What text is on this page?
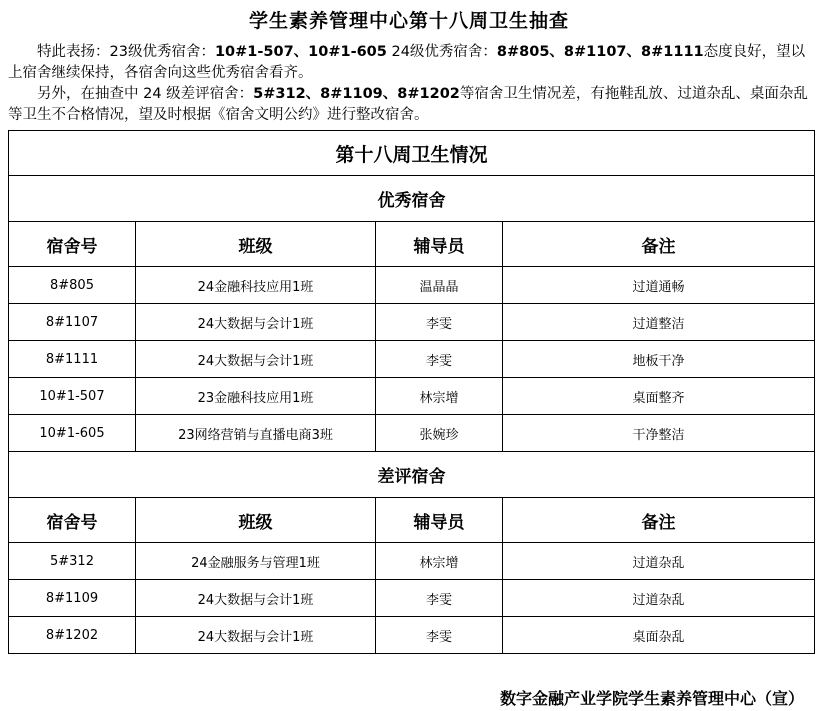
学生素养管理中心第十八周卫生抽查
特此表扬：23级优秀宿舍：10#1-507、10#1-605 24级优秀宿舍：8#805、8#1107、8#1111态度良好，望以上宿舍继续保持，各宿舍向这些优秀宿舍看齐。
另外，在抽查中 24 级差评宿舍：5#312、8#1109、8#1202等宿舍卫生情况差，有拖鞋乱放、过道杂乱、桌面杂乱等卫生不合格情况，望及时根据《宿舍文明公约》进行整改宿舍。
第十八周卫生情况			
优秀宿舍			
宿舍号	班级	辅导员	备注
8#805	24金融科技应用1班	温晶晶	过道通畅
8#1107	24大数据与会计1班	李雯	过道整洁
8#1111	24大数据与会计1班	李雯	地板干净
10#1-507	23金融科技应用1班	林宗增	桌面整齐
10#1-605	23网络营销与直播电商3班	张婉珍	干净整洁
差评宿舍			
宿舍号	班级	辅导员	备注
5#312	24金融服务与管理1班	林宗增	过道杂乱
8#1109	24大数据与会计1班	李雯	过道杂乱
8#1202	24大数据与会计1班	李雯	桌面杂乱
数字金融产业学院学生素养管理中心（宣）
